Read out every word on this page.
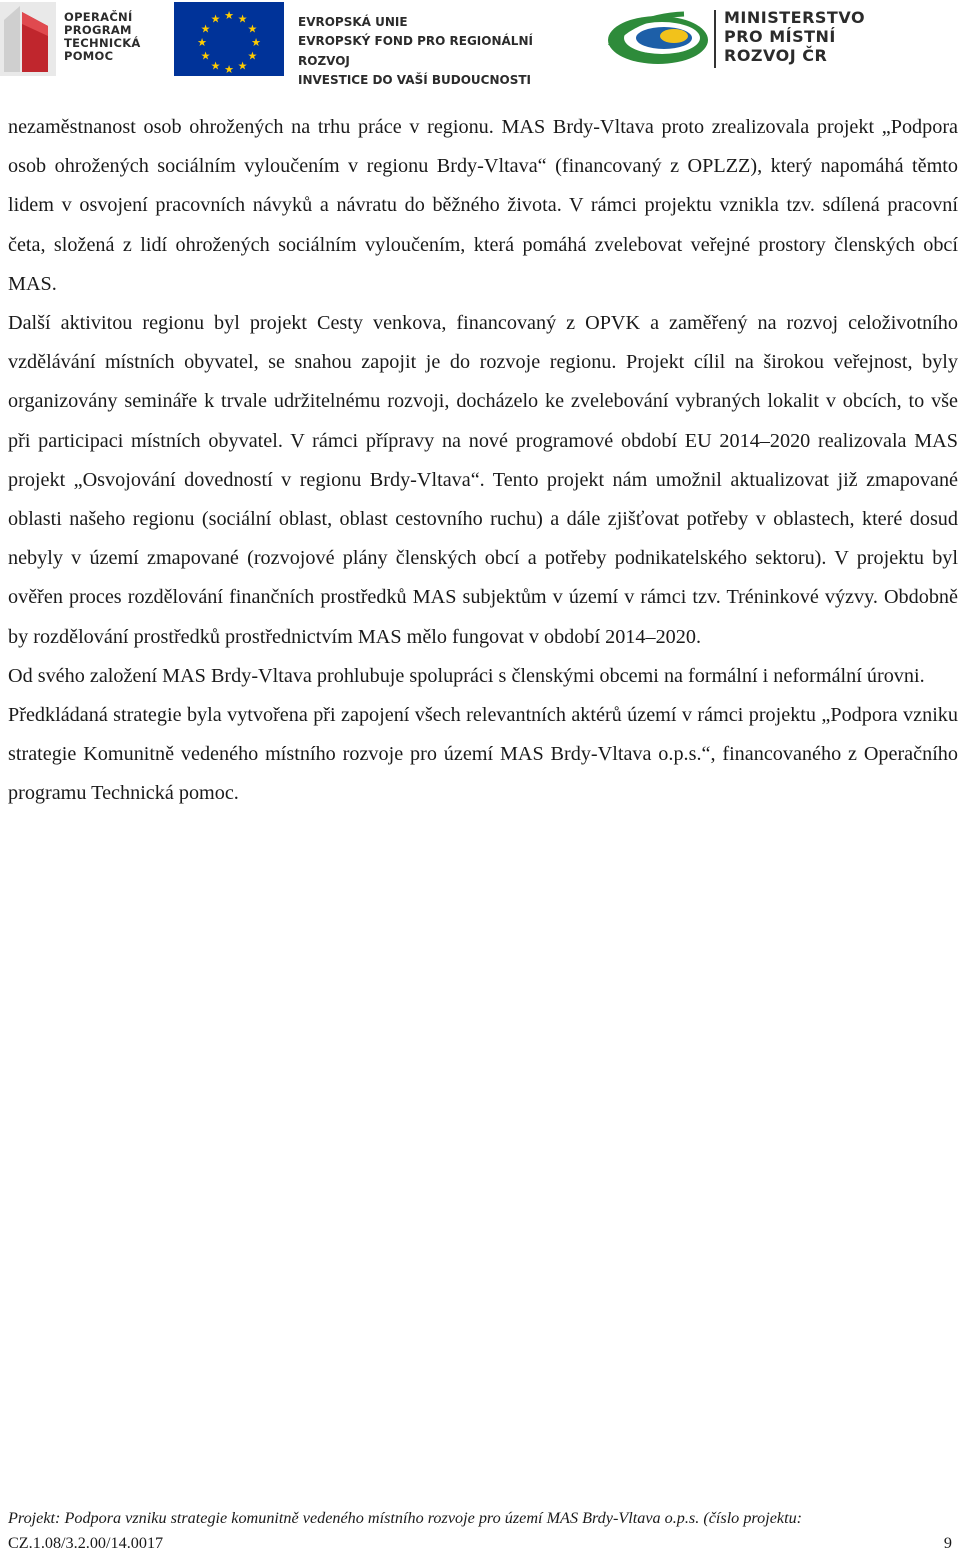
OPERAČNÍ
PROGRAM
TECHNICKÁ
POMOC
★ ★
★
★
★
★
★
★
★
★
★
★	EVROPSKÁ UNIE
EVROPSKÝ FOND PRO REGIONÁLNÍ ROZVOJ
INVESTICE DO VAŠÍ BUDOUCNOSTI
MINISTERSTVO
PRO MÍSTNÍ
ROZVOJ ČR

nezaměstnanost osob ohrožených na trhu práce v regionu. MAS Brdy-Vltava proto zrealizovala projekt „Podpora osob ohrožených sociálním vyloučením v regionu Brdy-Vltava“ (financovaný z OPLZZ), který napomáhá těmto lidem v osvojení pracovních návyků a návratu do běžného života. V rámci projektu vznikla tzv. sdílená pracovní četa, složená z lidí ohrožených sociálním vyloučením, která pomáhá zvelebovat veřejné prostory členských obcí MAS.

Další aktivitou regionu byl projekt Cesty venkova, financovaný z OPVK a zaměřený na rozvoj celoživotního vzdělávání místních obyvatel, se snahou zapojit je do rozvoje regionu. Projekt cílil na širokou veřejnost, byly organizovány semináře k trvale udržitelnému rozvoji, docházelo ke zvelebování vybraných lokalit v obcích, to vše při participaci místních obyvatel. V rámci přípravy na nové programové období EU 2014–2020 realizovala MAS projekt „Osvojování dovedností v regionu Brdy-Vltava“. Tento projekt nám umožnil aktualizovat již zmapované oblasti našeho regionu (sociální oblast, oblast cestovního ruchu) a dále zjišťovat potřeby v oblastech, které dosud nebyly v území zmapované (rozvojové plány členských obcí a potřeby podnikatelského sektoru). V projektu byl ověřen proces rozdělování finančních prostředků MAS subjektům v území v rámci tzv. Tréninkové výzvy. Obdobně by rozdělování prostředků prostřednictvím MAS mělo fungovat v období 2014–2020.

Od svého založení MAS Brdy-Vltava prohlubuje spolupráci s členskými obcemi na formální i neformální úrovni.

Předkládaná strategie byla vytvořena při zapojení všech relevantních aktérů území v rámci projektu „Podpora vzniku strategie Komunitně vedeného místního rozvoje pro území MAS Brdy-Vltava o.p.s.“, financovaného z Operačního programu Technická pomoc.

Projekt: Podpora vzniku strategie komunitně vedeného místního rozvoje pro území MAS Brdy-Vltava o.p.s. (číslo projektu:
CZ.1.08/3.2.00/14.0017	9
